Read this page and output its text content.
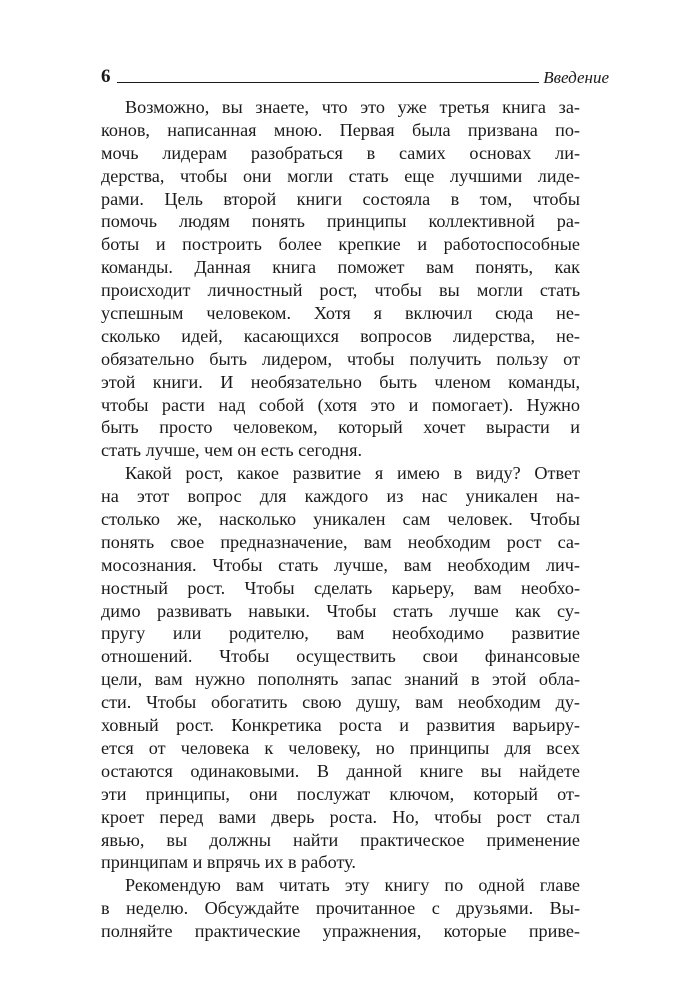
6	Введение
Возможно, вы знаете, что это уже третья книга за-
конов, написанная мною. Первая была призвана по-
мочь лидерам разобраться в самих основах ли-
дерства, чтобы они могли стать еще лучшими лиде-
рами. Цель второй книги состояла в том, чтобы
помочь людям понять принципы коллективной ра-
боты и построить более крепкие и работоспособные
команды. Данная книга поможет вам понять, как
происходит личностный рост, чтобы вы могли стать
успешным человеком. Хотя я включил сюда не-
сколько идей, касающихся вопросов лидерства, не-
обязательно быть лидером, чтобы получить пользу от
этой книги. И необязательно быть членом команды,
чтобы расти над собой (хотя это и помогает). Нужно
быть просто человеком, который хочет вырасти и
стать лучше, чем он есть сегодня.
Какой рост, какое развитие я имею в виду? Ответ
на этот вопрос для каждого из нас уникален на-
столько же, насколько уникален сам человек. Чтобы
понять свое предназначение, вам необходим рост са-
мосознания. Чтобы стать лучше, вам необходим лич-
ностный рост. Чтобы сделать карьеру, вам необхо-
димо развивать навыки. Чтобы стать лучше как су-
пругу или родителю, вам необходимо развитие
отношений. Чтобы осуществить свои финансовые
цели, вам нужно пополнять запас знаний в этой обла-
сти. Чтобы обогатить свою душу, вам необходим ду-
ховный рост. Конкретика роста и развития варьиру-
ется от человека к человеку, но принципы для всех
остаются одинаковыми. В данной книге вы найдете
эти принципы, они послужат ключом, который от-
кроет перед вами дверь роста. Но, чтобы рост стал
явью, вы должны найти практическое применение
принципам и впрячь их в работу.
Рекомендую вам читать эту книгу по одной главе
в неделю. Обсуждайте прочитанное с друзьями. Вы-
полняйте практические упражнения, которые приве-
